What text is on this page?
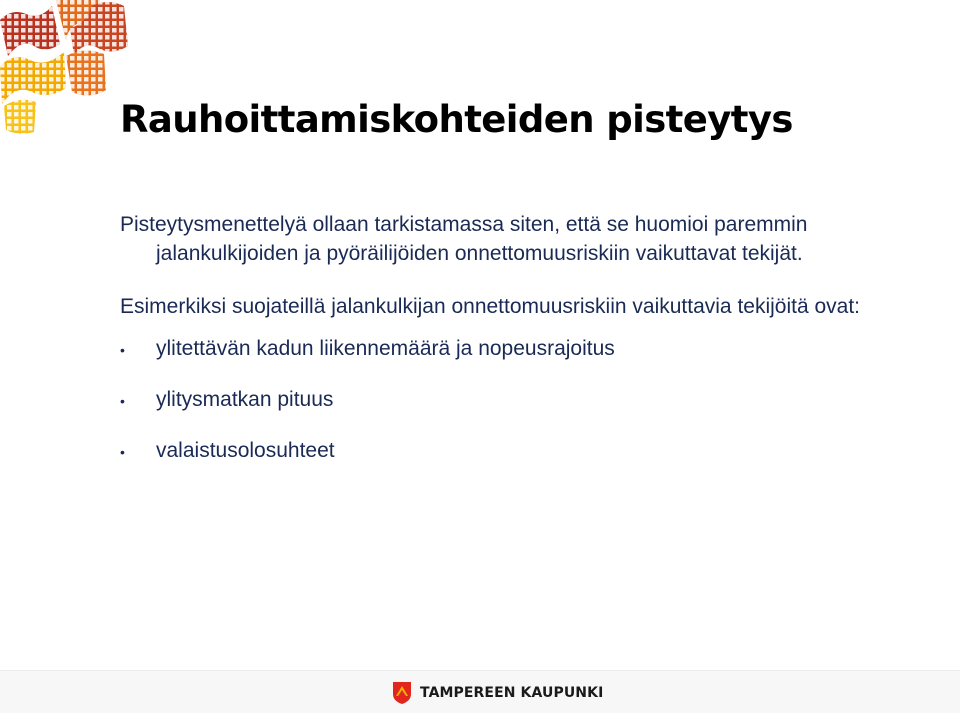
Rauhoittamiskohteiden pisteytys

Pisteytysmenettelyä ollaan tarkistamassa siten, että se huomioi paremmin jalankulkijoiden ja pyöräilijöiden onnettomuusriskiin vaikuttavat tekijät.

Esimerkiksi suojateillä jalankulkijan onnettomuusriskiin vaikuttavia tekijöitä ovat:

• ylitettävän kadun liikennemäärä ja nopeusrajoitus
• ylitysmatkan pituus
• valaistusolosuhteet
TAMPEREEN KAUPUNKI
